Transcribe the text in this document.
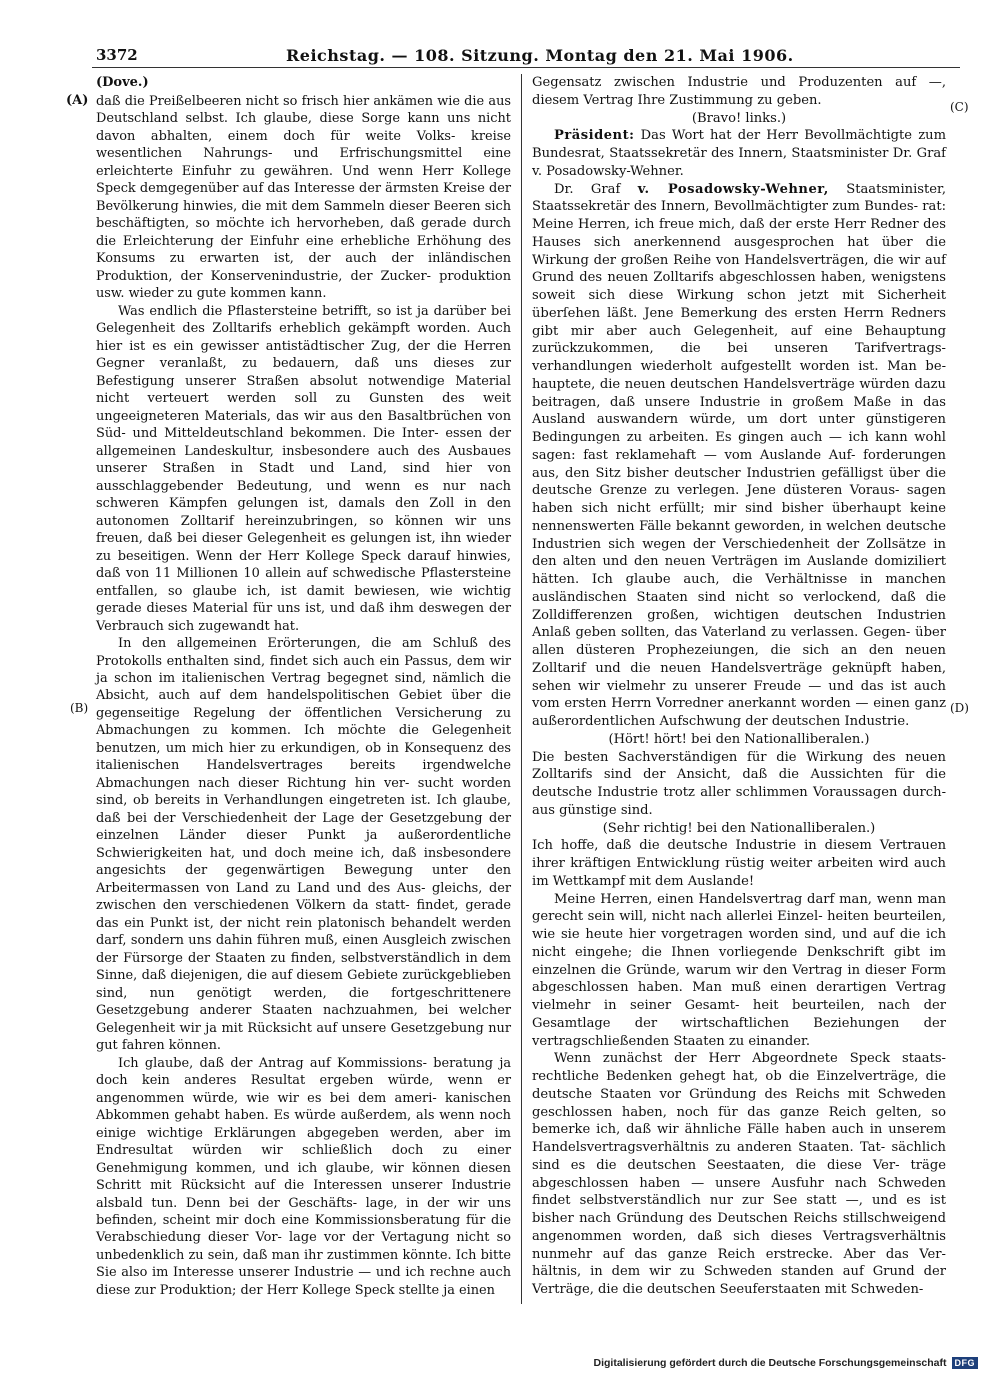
3372	Reichstag. — 108. Sitzung. Montag den 21. Mai 1906.
(Dove.)
(A)
(B)
(C)
(D)

daß die Preißelbeeren nicht so frisch hier ankämen wie die aus Deutschland selbst. Ich glaube, diese Sorge kann uns nicht davon abhalten, einem doch für weite Volks- kreise wesentlichen Nahrungs- und Erfrischungsmittel eine erleichterte Einfuhr zu gewähren. Und wenn Herr Kollege Speck demgegenüber auf das Interesse der ärmsten Kreise der Bevölkerung hinwies, die mit dem Sammeln dieser Beeren sich beschäftigten, so möchte ich hervorheben, daß gerade durch die Erleichterung der Einfuhr eine erhebliche Erhöhung des Konsums zu erwarten ist, der auch der inländischen Produktion, der Konservenindustrie, der Zucker- produktion usw. wieder zu gute kommen kann.

Was endlich die Pflastersteine betrifft, so ist ja darüber bei Gelegenheit des Zolltarifs erheblich gekämpft worden. Auch hier ist es ein gewisser antistädtischer Zug, der die Herren Gegner veranlaßt, zu bedauern, daß uns dieses zur Befestigung unserer Straßen absolut notwendige Material nicht verteuert werden soll zu Gunsten des weit ungeeigneteren Materials, das wir aus den Basaltbrüchen von Süd- und Mitteldeutschland bekommen. Die Inter- essen der allgemeinen Landeskultur, insbesondere auch des Ausbaues unserer Straßen in Stadt und Land, sind hier von ausschlaggebender Bedeutung, und wenn es nur nach schweren Kämpfen gelungen ist, damals den Zoll in den autonomen Zolltarif hereinzubringen, so können wir uns freuen, daß bei dieser Gelegenheit es gelungen ist, ihn wieder zu beseitigen. Wenn der Herr Kollege Speck darauf hinwies, daß von 11 Millionen 10 allein auf schwedische Pflastersteine entfallen, so glaube ich, ist damit bewiesen, wie wichtig gerade dieses Material für uns ist, und daß ihm deswegen der Verbrauch sich zugewandt hat.

In den allgemeinen Erörterungen, die am Schluß des Protokolls enthalten sind, findet sich auch ein Passus, dem wir ja schon im italienischen Vertrag begegnet sind, nämlich die Absicht, auch auf dem handelspolitischen Gebiet über die gegenseitige Regelung der öffentlichen Versicherung zu Abmachungen zu kommen. Ich möchte die Gelegenheit benutzen, um mich hier zu erkundigen, ob in Konsequenz des italienischen Handelsvertrages bereits irgendwelche Abmachungen nach dieser Richtung hin ver- sucht worden sind, ob bereits in Verhandlungen eingetreten ist. Ich glaube, daß bei der Verschiedenheit der Lage der Gesetzgebung der einzelnen Länder dieser Punkt ja außerordentliche Schwierigkeiten hat, und doch meine ich, daß insbesondere angesichts der gegenwärtigen Bewegung unter den Arbeitermassen von Land zu Land und des Aus- gleichs, der zwischen den verschiedenen Völkern da statt- findet, gerade das ein Punkt ist, der nicht rein platonisch behandelt werden darf, sondern uns dahin führen muß, einen Ausgleich zwischen der Fürsorge der Staaten zu finden, selbstverständlich in dem Sinne, daß diejenigen, die auf diesem Gebiete zurückgeblieben sind, nun genötigt werden, die fortgeschrittenere Gesetzgebung anderer Staaten nachzuahmen, bei welcher Gelegenheit wir ja mit Rücksicht auf unsere Gesetzgebung nur gut fahren können.

Ich glaube, daß der Antrag auf Kommissions- beratung ja doch kein anderes Resultat ergeben würde, wenn er angenommen würde, wie wir es bei dem ameri- kanischen Abkommen gehabt haben. Es würde außerdem, als wenn noch einige wichtige Erklärungen abgegeben werden, aber im Endresultat würden wir schließlich doch zu einer Genehmigung kommen, und ich glaube, wir können diesen Schritt mit Rücksicht auf die Interessen unserer Industrie alsbald tun. Denn bei der Geschäfts- lage, in der wir uns befinden, scheint mir doch eine Kommissionsberatung für die Verabschiedung dieser Vor- lage vor der Vertagung nicht so unbedenklich zu sein, daß man ihr zustimmen könnte. Ich bitte Sie also im Interesse unserer Industrie — und ich rechne auch diese zur Produktion; der Herr Kollege Speck stellte ja einen

Gegensatz zwischen Industrie und Produzenten auf —, diesem Vertrag Ihre Zustimmung zu geben.

(Bravo! links.)

Präsident: Das Wort hat der Herr Bevollmächtigte zum Bundesrat, Staatssekretär des Innern, Staatsminister Dr. Graf v. Posadowsky-Wehner.

Dr. Graf v. Posadowsky-Wehner, Staatsminister, Staatssekretär des Innern, Bevollmächtigter zum Bundes- rat: Meine Herren, ich freue mich, daß der erste Herr Redner des Hauses sich anerkennend ausgesprochen hat über die Wirkung der großen Reihe von Handelsverträgen, die wir auf Grund des neuen Zolltarifs abgeschlossen haben, wenigstens soweit sich diese Wirkung schon jetzt mit Sicherheit überſehen läßt. Jene Bemerkung des ersten Herrn Redners gibt mir aber auch Gelegenheit, auf eine Behauptung zurückzukommen, die bei unseren Tarifvertrags- verhandlungen wiederholt aufgestellt worden ist. Man be- hauptete, die neuen deutschen Handelsverträge würden dazu beitragen, daß unsere Industrie in großem Maße in das Ausland auswandern würde, um dort unter günstigeren Bedingungen zu arbeiten. Es gingen auch — ich kann wohl sagen: fast reklamehaft — vom Auslande Auf- forderungen aus, den Sitz bisher deutscher Industrien gefälligst über die deutsche Grenze zu verlegen. Jene düsteren Voraus- sagen haben sich nicht erfüllt; mir sind bisher überhaupt keine nennenswerten Fälle bekannt geworden, in welchen deutsche Industrien sich wegen der Verschiedenheit der Zollsätze in den alten und den neuen Verträgen im Auslande domiziliert hätten. Ich glaube auch, die Verhältnisse in manchen ausländischen Staaten sind nicht so verlockend, daß die Zolldifferenzen großen, wichtigen deutschen Industrien Anlaß geben sollten, das Vaterland zu verlassen. Gegen- über allen düsteren Prophezeiungen, die sich an den neuen Zolltarif und die neuen Handelsverträge geknüpft haben, sehen wir vielmehr zu unserer Freude — und das ist auch vom ersten Herrn Vorredner anerkannt worden — einen ganz außerordentlichen Aufschwung der deutschen Industrie.

(Hört! hört! bei den Nationalliberalen.)

Die besten Sachverständigen für die Wirkung des neuen Zolltarifs sind der Ansicht, daß die Aussichten für die deutsche Industrie trotz aller schlimmen Voraussagen durch- aus günstige sind.

(Sehr richtig! bei den Nationalliberalen.)

Ich hoffe, daß die deutsche Industrie in diesem Vertrauen ihrer kräftigen Entwicklung rüstig weiter arbeiten wird auch im Wettkampf mit dem Auslande!

Meine Herren, einen Handelsvertrag darf man, wenn man gerecht sein will, nicht nach allerlei Einzel- heiten beurteilen, wie sie heute hier vorgetragen worden sind, und auf die ich nicht eingehe; die Ihnen vorliegende Denkschrift gibt im einzelnen die Gründe, warum wir den Vertrag in dieser Form abgeschlossen haben. Man muß einen derartigen Vertrag vielmehr in seiner Gesamt- heit beurteilen, nach der Gesamtlage der wirtschaftlichen Beziehungen der vertragschließenden Staaten zu einander.

Wenn zunächst der Herr Abgeordnete Speck staats- rechtliche Bedenken gehegt hat, ob die Einzelverträge, die deutsche Staaten vor Gründung des Reichs mit Schweden geschlossen haben, noch für das ganze Reich gelten, so bemerke ich, daß wir ähnliche Fälle haben auch in unserem Handelsvertragsverhältnis zu anderen Staaten. Tat- sächlich sind es die deutschen Seestaaten, die diese Ver- träge abgeschlossen haben — unsere Ausfuhr nach Schweden findet selbstverständlich nur zur See statt —, und es ist bisher nach Gründung des Deutschen Reichs stillschweigend angenommen worden, daß sich dieses Vertragsverhältnis nunmehr auf das ganze Reich erstrecke. Aber das Ver- hältnis, in dem wir zu Schweden standen auf Grund der Verträge, die die deutschen Seeuferstaaten mit Schweden-

Digitalisierung gefördert durch die Deutsche Forschungsgemeinschaft DFG
